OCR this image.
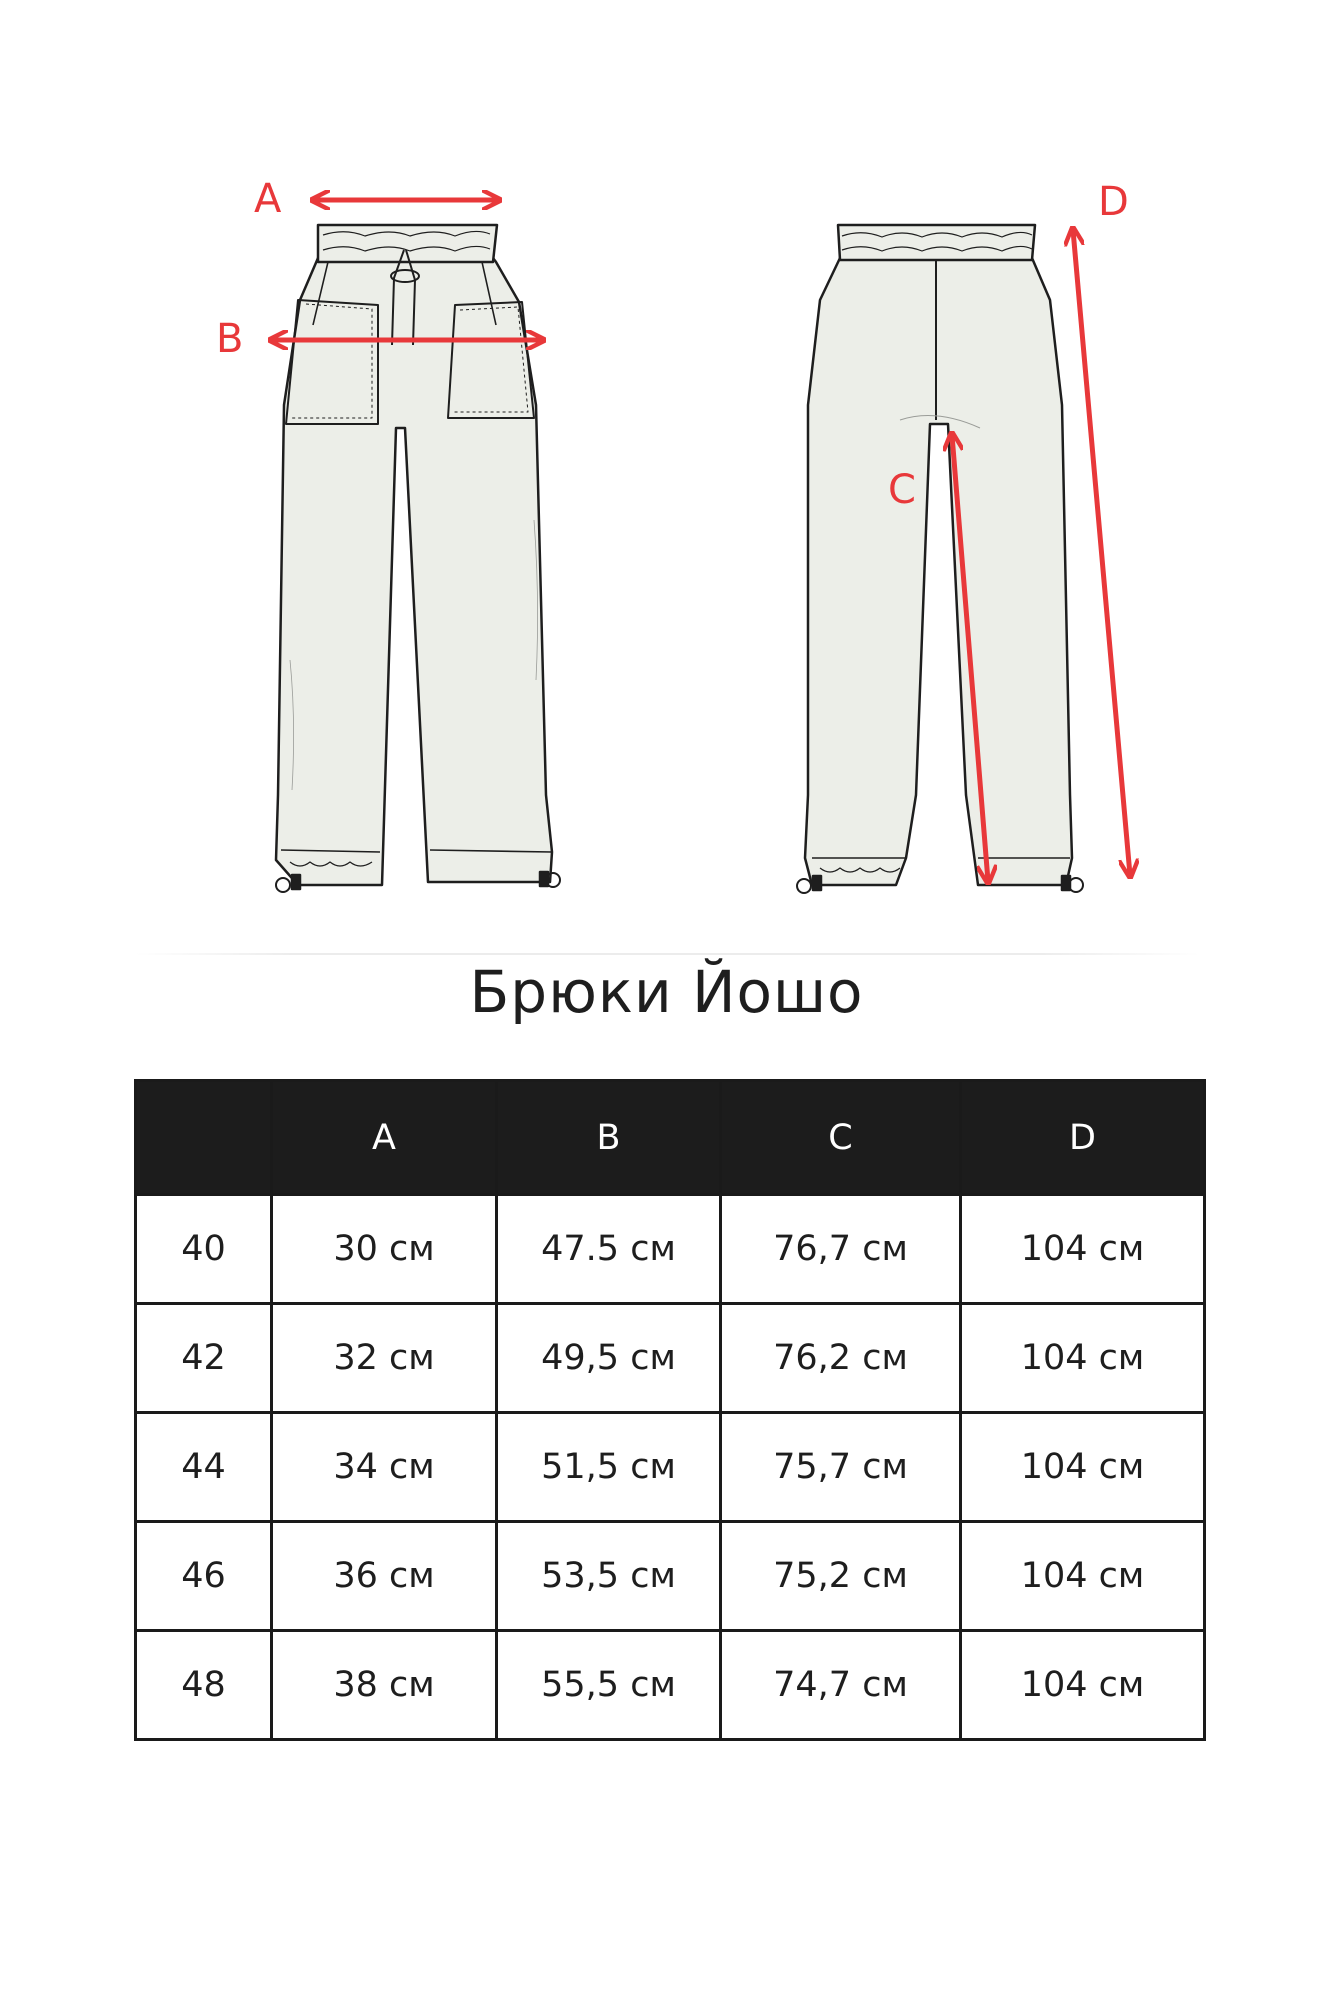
A
B
C
D
Брюки Йошо
	A	B	C	D
40	30 см	47.5 см	76,7 см	104 см
42	32 см	49,5 см	76,2 см	104 см
44	34 см	51,5 см	75,7 см	104 см
46	36 см	53,5 см	75,2 см	104 см
48	38 см	55,5 см	74,7 см	104 см
